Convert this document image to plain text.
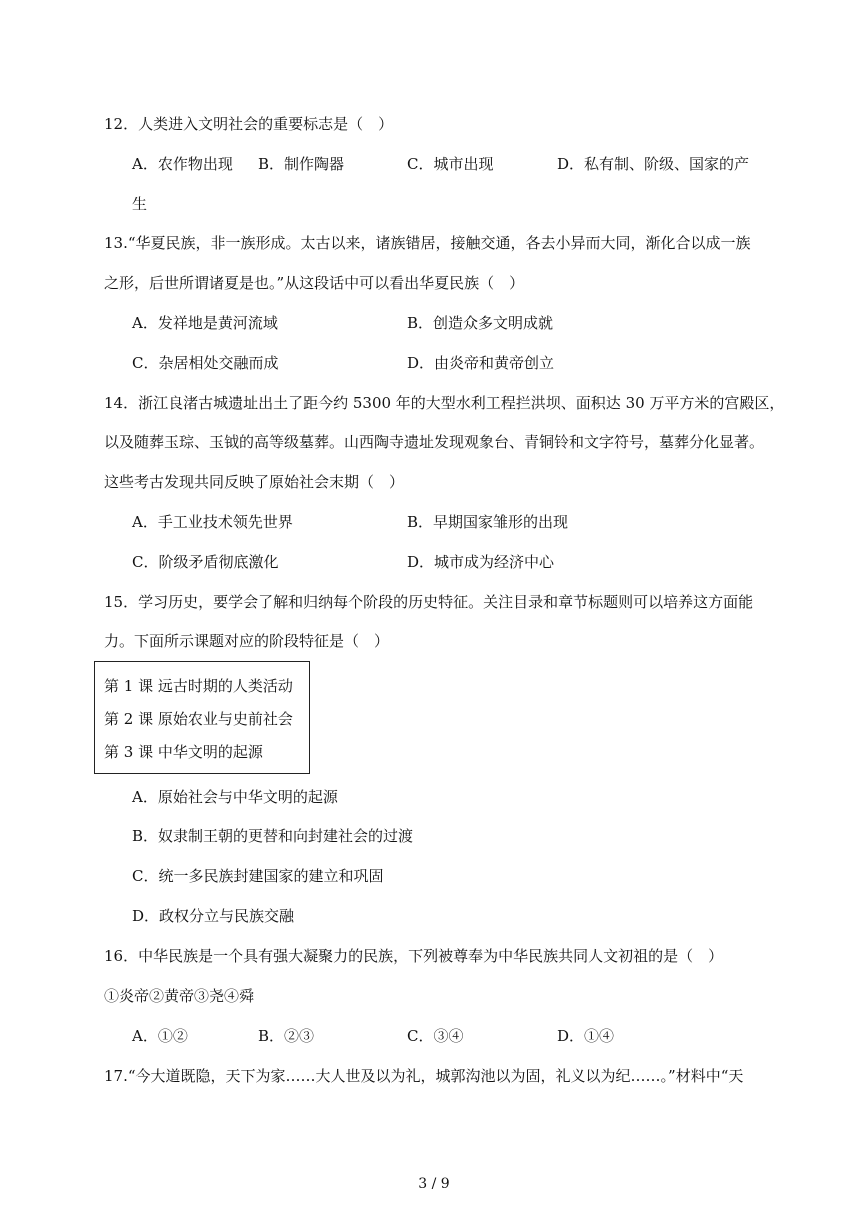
12．人类进入文明社会的重要标志是（　）
A．农作物出现 B．制作陶器	C．城市出现	D．私有制、阶级、国家的产
生
13.“华夏民族，非一族形成。太古以来，诸族错居，接触交通，各去小异而大同，渐化合以成一族
之形，后世所谓诸夏是也。”从这段话中可以看出华夏民族（　）
A．发祥地是黄河流域	B．创造众多文明成就
C．杂居相处交融而成	D．由炎帝和黄帝创立
14．浙江良渚古城遗址出土了距今约 5300 年的大型水利工程拦洪坝、面积达 30 万平方米的宫殿区，
以及随葬玉琮、玉钺的高等级墓葬。山西陶寺遗址发现观象台、青铜铃和文字符号，墓葬分化显著。
这些考古发现共同反映了原始社会末期（　）
A．手工业技术领先世界	B．早期国家雏形的出现
C．阶级矛盾彻底激化	D．城市成为经济中心
15．学习历史，要学会了解和归纳每个阶段的历史特征。关注目录和章节标题则可以培养这方面能
力。下面所示课题对应的阶段特征是（　）
第 1 课 远古时期的人类活动
第 2 课 原始农业与史前社会
第 3 课 中华文明的起源
A．原始社会与中华文明的起源
B．奴隶制王朝的更替和向封建社会的过渡
C．统一多民族封建国家的建立和巩固
D．政权分立与民族交融
16．中华民族是一个具有强大凝聚力的民族，下列被尊奉为中华民族共同人文初祖的是（　）
①炎帝②黄帝③尧④舜
A．①②	B．②③	C．③④	D．①④
17.“今大道既隐，天下为家……大人世及以为礼，城郭沟池以为固，礼义以为纪……。”材料中“天
3 / 9
